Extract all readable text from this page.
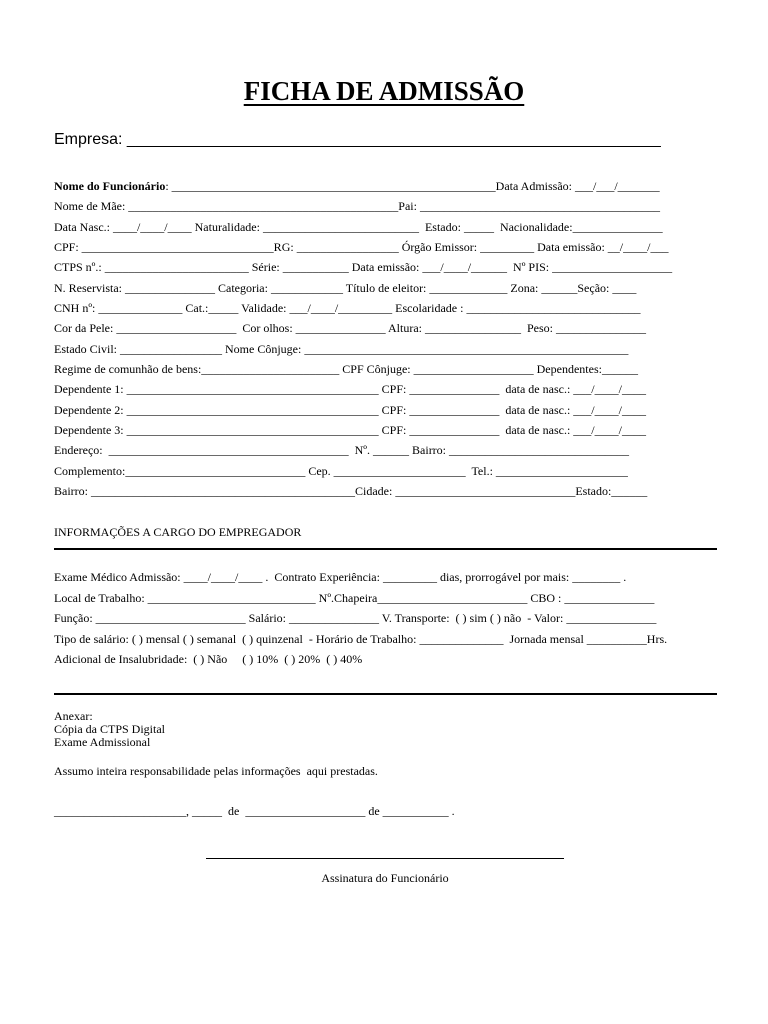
FICHA DE ADMISSÃO
Empresa: ____________________________________________________________
Nome do Funcionário: ______________________________________________________Data Admissão: ___/___/_______
Nome de Mãe: _____________________________________________Pai: ________________________________________
Data Nasc.: ____/____/____ Naturalidade: __________________________  Estado: _____  Nacionalidade:_______________
CPF: ________________________________RG: _________________ Órgão Emissor: _________ Data emissão: __/____/___
CTPS nº.: ________________________ Série: ___________ Data emissão: ___/____/______  Nº PIS: ____________________
N. Reservista: _______________ Categoria: ____________ Título de eleitor: _____________ Zona: ______Seção: ____
CNH nº: ______________ Cat.:_____ Validade: ___/____/_________ Escolaridade : _____________________________
Cor da Pele: ____________________  Cor olhos: _______________ Altura: ________________  Peso: _______________
Estado Civil: _________________ Nome Cônjuge: ______________________________________________________
Regime de comunhão de bens:_______________________ CPF Cônjuge: ____________________ Dependentes:______
Dependente 1: __________________________________________ CPF: _______________  data de nasc.: ___/____/____
Dependente 2: __________________________________________ CPF: _______________  data de nasc.: ___/____/____
Dependente 3: __________________________________________ CPF: _______________  data de nasc.: ___/____/____
Endereço:  ________________________________________  Nº. ______ Bairro: ______________________________
Complemento:______________________________ Cep. ______________________  Tel.: ______________________
Bairro: ____________________________________________Cidade: ______________________________Estado:______
INFORMAÇÕES A CARGO DO EMPREGADOR
Exame Médico Admissão: ____/____/____ .  Contrato Experiência: _________ dias, prorrogável por mais: ________ .
Local de Trabalho: ____________________________ Nº.Chapeira_________________________ CBO : _______________
Função: _________________________ Salário: _______________ V. Transporte:  ( ) sim ( ) não  - Valor: _______________
Tipo de salário: ( ) mensal ( ) semanal  ( ) quinzenal  - Horário de Trabalho: ______________  Jornada mensal __________Hrs.
Adicional de Insalubridade:  ( ) Não     ( ) 10%  ( ) 20%  ( ) 40%
Anexar:
Cópia da CTPS Digital
Exame Admissional
Assumo inteira responsabilidade pelas informações  aqui prestadas.
______________________, _____  de  ____________________ de ___________ .
Assinatura do Funcionário
